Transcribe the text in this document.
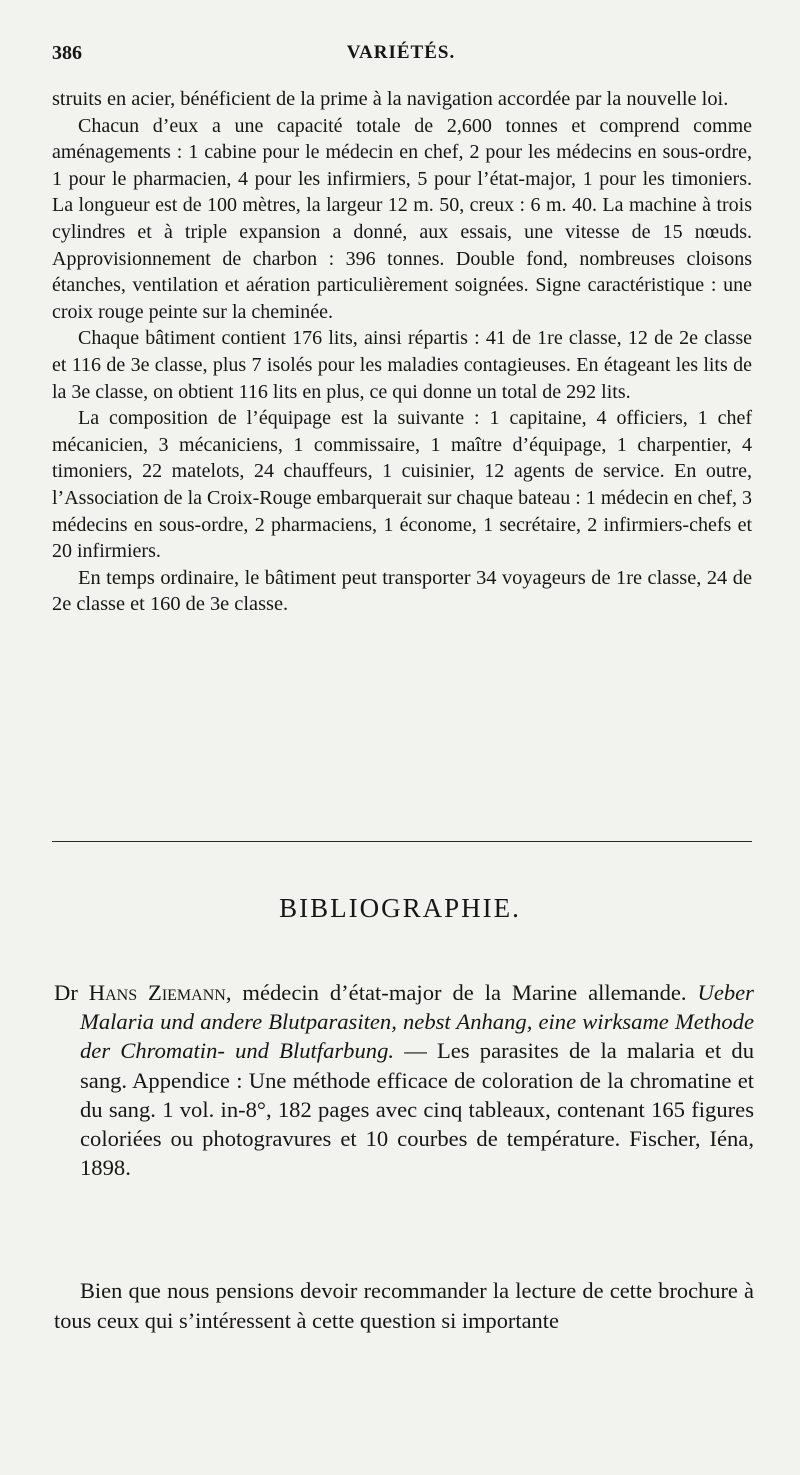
386	VARIÉTÉS.

struits en acier, bénéficient de la prime à la navigation accordée par la nouvelle loi.

Chacun d’eux a une capacité totale de 2,600 tonnes et comprend comme aménagements : 1 cabine pour le médecin en chef, 2 pour les médecins en sous-ordre, 1 pour le pharmacien, 4 pour les infirmiers, 5 pour l’état-major, 1 pour les timoniers. La longueur est de 100 mètres, la largeur 12 m. 50, creux : 6 m. 40. La machine à trois cylindres et à triple expansion a donné, aux essais, une vitesse de 15 nœuds. Approvisionnement de charbon : 396 tonnes. Double fond, nombreuses cloisons étanches, ventilation et aération particulièrement soignées. Signe caractéristique : une croix rouge peinte sur la cheminée.

Chaque bâtiment contient 176 lits, ainsi répartis : 41 de 1re classe, 12 de 2e classe et 116 de 3e classe, plus 7 isolés pour les maladies contagieuses. En étageant les lits de la 3e classe, on obtient 116 lits en plus, ce qui donne un total de 292 lits.

La composition de l’équipage est la suivante : 1 capitaine, 4 officiers, 1 chef mécanicien, 3 mécaniciens, 1 commissaire, 1 maître d’équipage, 1 charpentier, 4 timoniers, 22 matelots, 24 chauffeurs, 1 cuisinier, 12 agents de service. En outre, l’Association de la Croix-Rouge embarquerait sur chaque bateau : 1 médecin en chef, 3 médecins en sous-ordre, 2 pharmaciens, 1 économe, 1 secrétaire, 2 infirmiers-chefs et 20 infirmiers.

En temps ordinaire, le bâtiment peut transporter 34 voyageurs de 1re classe, 24 de 2e classe et 160 de 3e classe.

BIBLIOGRAPHIE.

Dr Hans Ziemann, médecin d’état-major de la Marine allemande. Ueber Malaria und andere Blutparasiten, nebst Anhang, eine wirksame Methode der Chromatin- und Blutfarbung. — Les parasites de la malaria et du sang. Appendice : Une méthode efficace de coloration de la chromatine et du sang. 1 vol. in-8°, 182 pages avec cinq tableaux, contenant 165 figures coloriées ou photogravures et 10 courbes de température. Fischer, Iéna, 1898.

Bien que nous pensions devoir recommander la lecture de cette brochure à tous ceux qui s’intéressent à cette question si importante
